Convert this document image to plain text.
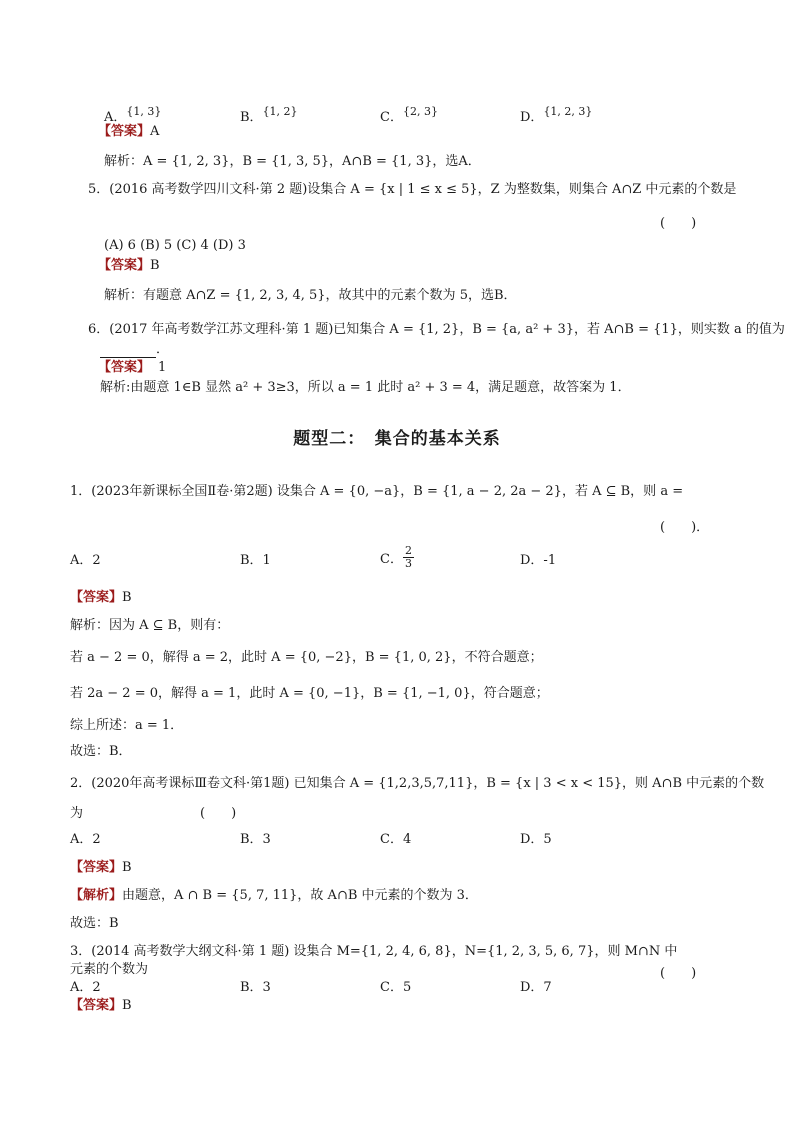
A．$^{\{1, 3\}}$	B．$^{\{1, 2\}}$	C．$^{\{2, 3\}}$	D．$^{\{1, 2, 3\}}$
【答案】A
解析：A = {1, 2, 3}，B = {1, 3, 5}，A∩B = {1, 3}，选A．
5．(2016 高考数学四川文科·第 2 题)设集合 A = {x | 1 ≤ x ≤ 5}，Z 为整数集，则集合 A∩Z 中元素的个数是
(　　)
(A) 6 (B) 5 (C) 4 (D) 3
【答案】B
解析：有题意 A∩Z = {1, 2, 3, 4, 5}，故其中的元素个数为 5，选B．
6．(2017 年高考数学江苏文理科·第 1 题)已知集合 A = {1, 2}，B = {a, a² + 3}，若 A∩B = {1}，则实数 a 的值为
．
【答案】 1
解析:由题意 1∈B 显然 a² + 3≥3，所以 a = 1 此时 a² + 3 = 4，满足题意，故答案为 1．
题型二：　集合的基本关系
1．(2023年新课标全国Ⅱ卷·第2题) 设集合 A = {0, −a}，B = {1, a − 2, 2a − 2}，若 A ⊆ B，则 a =
(　　)．
A．2	B．1	C． $\frac{2}{3}$	D．-1
【答案】B
解析：因为 A ⊆ B，则有：
若 a − 2 = 0，解得 a = 2，此时 A = {0, −2}，B = {1, 0, 2}，不符合题意；
若 2a − 2 = 0，解得 a = 1，此时 A = {0, −1}，B = {1, −1, 0}，符合题意；
综上所述：a = 1．
故选：B．
2．(2020年高考课标Ⅲ卷文科·第1题) 已知集合 A = {1,2,3,5,7,11}，B = {x | 3 < x < 15}，则 A∩B 中元素的个数
为　　　　　　　　　(　　)
A．2	B．3	C．4	D．5
【答案】B
【解析】由题意，A ∩ B = {5, 7, 11}，故 A∩B 中元素的个数为 3．
故选：B
3．(2014 高考数学大纲文科·第 1 题) 设集合 M={1, 2, 4, 6, 8}，N={1, 2, 3, 5, 6, 7}，则 M∩N 中
元素的个数为	(　　)
A．2	B．3	C．5	D．7
【答案】B
